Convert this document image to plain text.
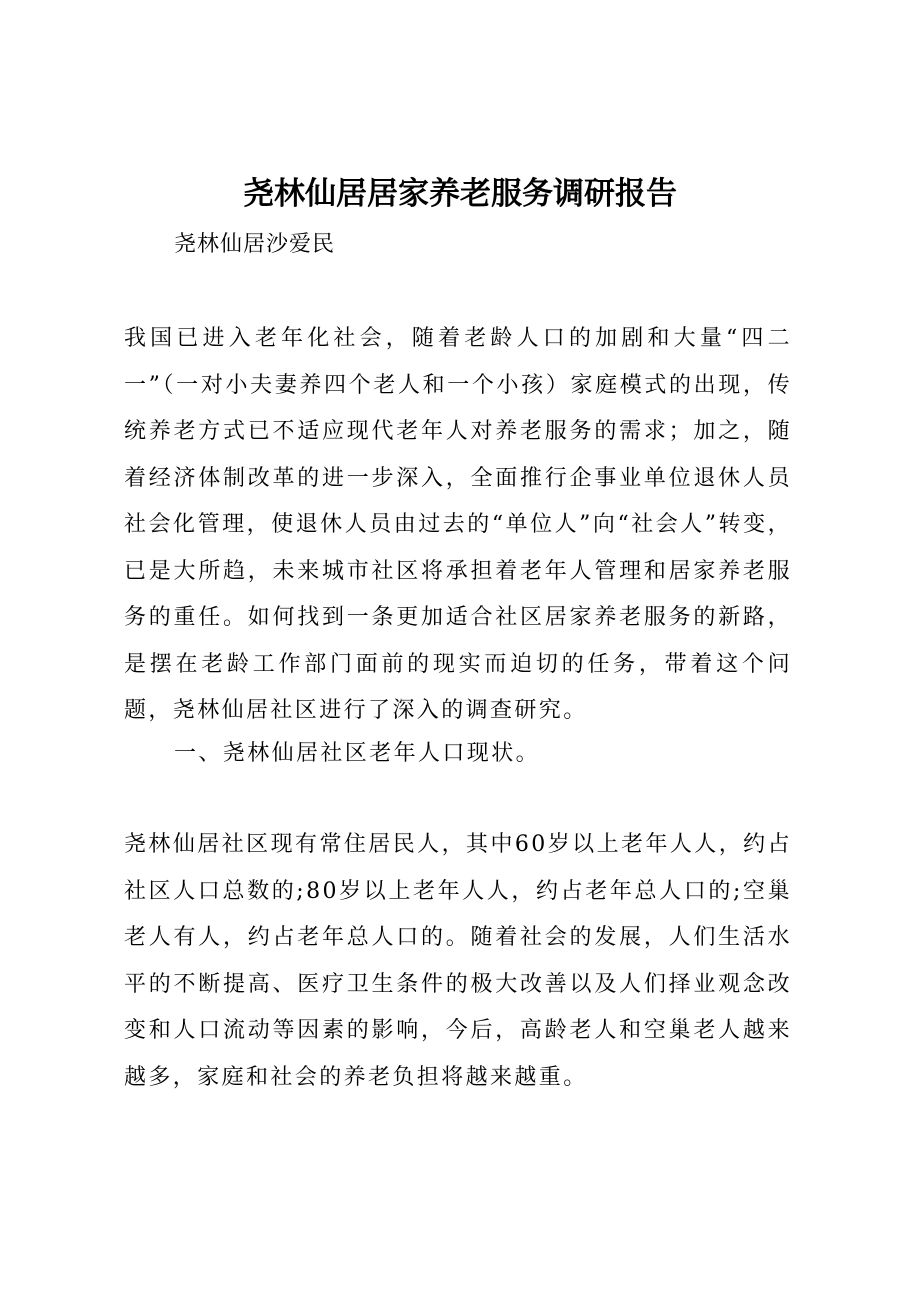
尧林仙居居家养老服务调研报告
尧林仙居沙爱民

我国已进入老年化社会，随着老龄人口的加剧和大量“四二一”（一对小夫妻养四个老人和一个小孩）家庭模式的出现，传统养老方式已不适应现代老年人对养老服务的需求；加之，随着经济体制改革的进一步深入，全面推行企事业单位退休人员社会化管理，使退休人员由过去的“单位人”向“社会人”转变，已是大所趋，未来城市社区将承担着老年人管理和居家养老服务的重任。如何找到一条更加适合社区居家养老服务的新路，是摆在老龄工作部门面前的现实而迫切的任务，带着这个问题，尧林仙居社区进行了深入的调查研究。

一、尧林仙居社区老年人口现状。

尧林仙居社区现有常住居民人，其中60岁以上老年人人，约占社区人口总数的;80岁以上老年人人，约占老年总人口的;空巢老人有人，约占老年总人口的。随着社会的发展，人们生活水平的不断提高、医疗卫生条件的极大改善以及人们择业观念改变和人口流动等因素的影响，今后，高龄老人和空巢老人越来越多，家庭和社会的养老负担将越来越重。
